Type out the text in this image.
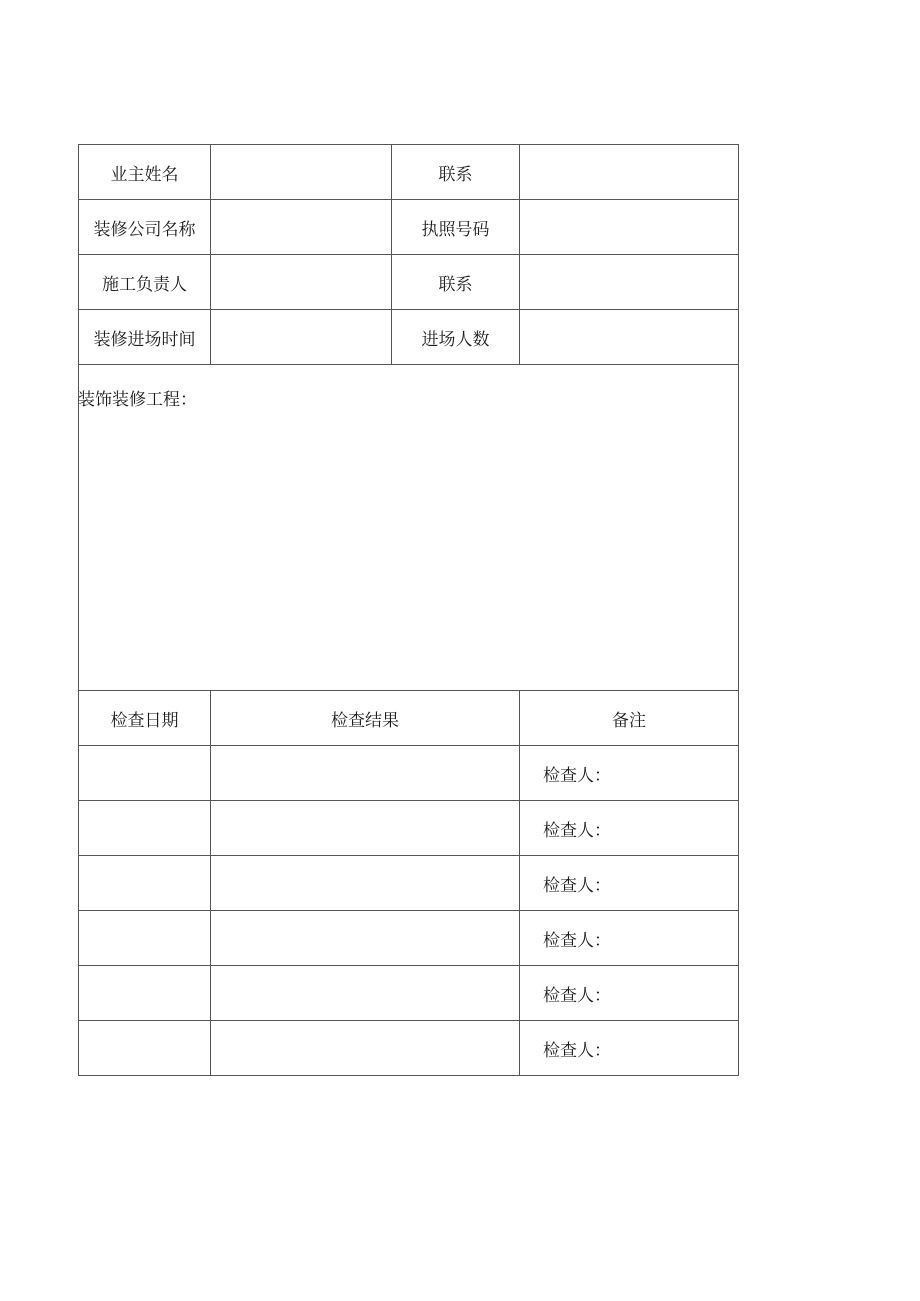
业主姓名		联系	
装修公司名称		执照号码	
施工负责人		联系	
装修进场时间		进场人数	
装饰装修工程：			

检查日期	检查结果		备注
			检查人：
			检查人：
			检查人：
			检查人：
			检查人：
			检查人：
